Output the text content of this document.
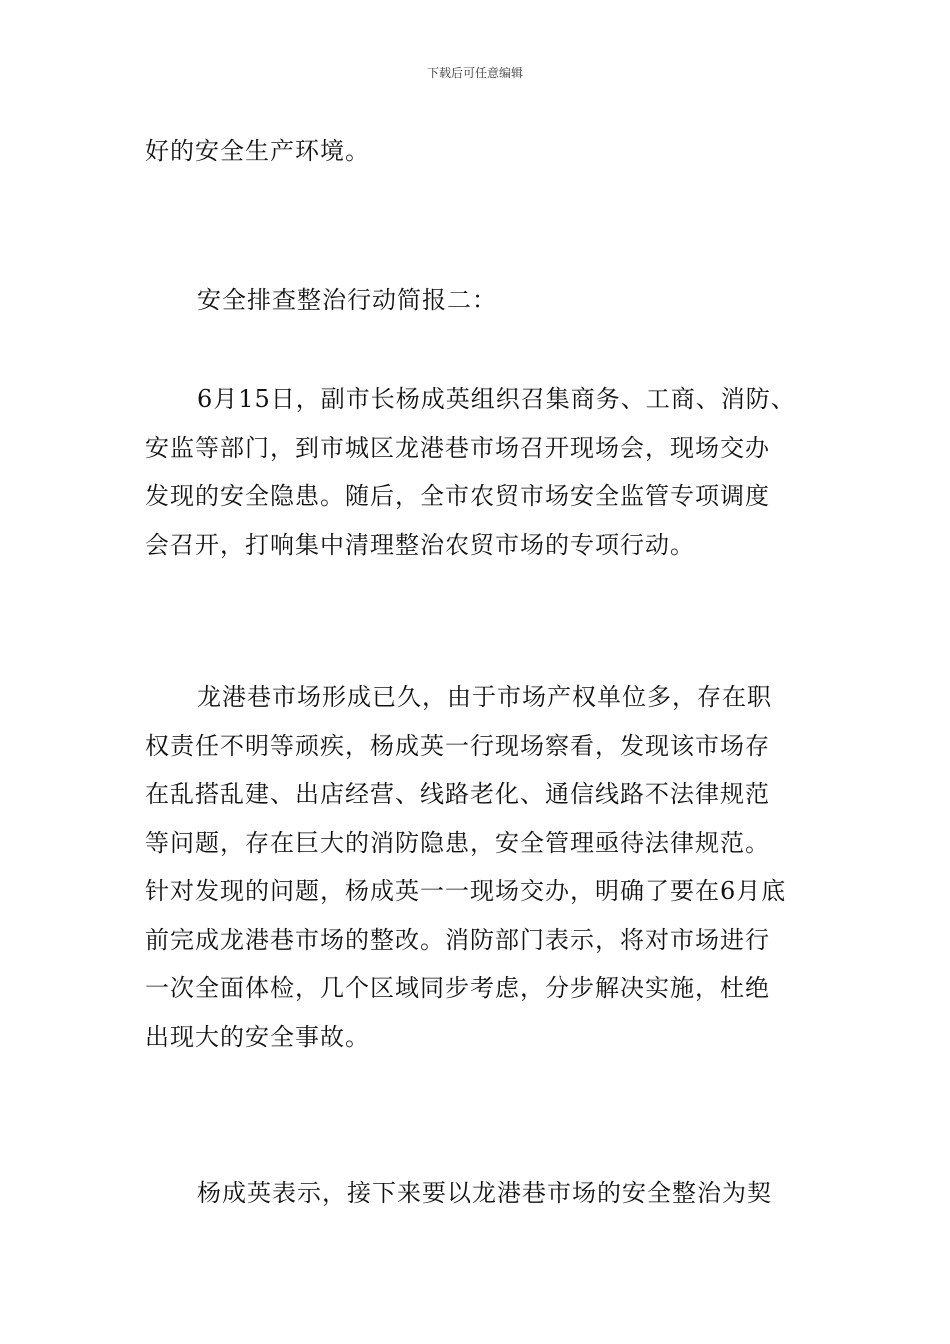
下载后可任意编辑
好的安全生产环境。
安全排查整治行动简报二：
6月15日，副市长杨成英组织召集商务、工商、消防、
安监等部门，到市城区龙港巷市场召开现场会，现场交办
发现的安全隐患。随后，全市农贸市场安全监管专项调度
会召开，打响集中清理整治农贸市场的专项行动。
龙港巷市场形成已久，由于市场产权单位多，存在职
权责任不明等顽疾，杨成英一行现场察看，发现该市场存
在乱搭乱建、出店经营、线路老化、通信线路不法律规范
等问题，存在巨大的消防隐患，安全管理亟待法律规范。
针对发现的问题，杨成英一一现场交办，明确了要在6月底
前完成龙港巷市场的整改。消防部门表示，将对市场进行
一次全面体检，几个区域同步考虑，分步解决实施，杜绝
出现大的安全事故。
杨成英表示，接下来要以龙港巷市场的安全整治为契
